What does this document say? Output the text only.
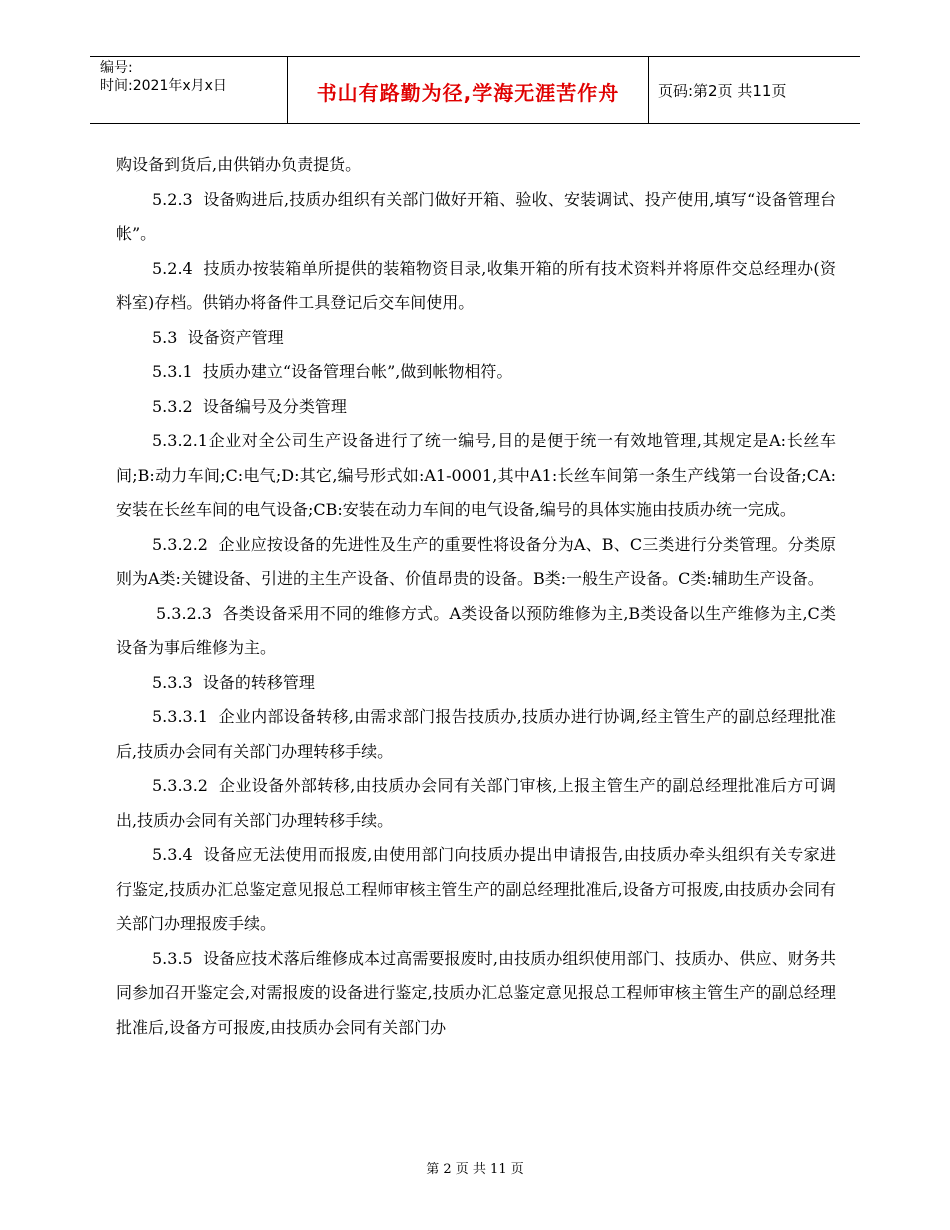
编号:
时间:2021年x月x日	书山有路勤为径,学海无涯苦作舟	页码:第2页 共11页

购设备到货后,由供销办负责提货。

5.2.3  设备购进后,技质办组织有关部门做好开箱、验收、安装调试、投产使用,填写“设备管理台帐”。

5.2.4  技质办按装箱单所提供的装箱物资目录,收集开箱的所有技术资料并将原件交总经理办(资料室)存档。供销办将备件工具登记后交车间使用。

5.3  设备资产管理

5.3.1  技质办建立“设备管理台帐”,做到帐物相符。

5.3.2  设备编号及分类管理

5.3.2.1企业对全公司生产设备进行了统一编号,目的是便于统一有效地管理,其规定是A:长丝车间;B:动力车间;C:电气;D:其它,编号形式如:A1-0001,其中A1:长丝车间第一条生产线第一台设备;CA:安装在长丝车间的电气设备;CB:安装在动力车间的电气设备,编号的具体实施由技质办统一完成。

5.3.2.2  企业应按设备的先进性及生产的重要性将设备分为A、B、C三类进行分类管理。分类原则为A类:关键设备、引进的主生产设备、价值昂贵的设备。B类:一般生产设备。C类:辅助生产设备。

5.3.2.3  各类设备采用不同的维修方式。A类设备以预防维修为主,B类设备以生产维修为主,C类设备为事后维修为主。

5.3.3  设备的转移管理

5.3.3.1  企业内部设备转移,由需求部门报告技质办,技质办进行协调,经主管生产的副总经理批准后,技质办会同有关部门办理转移手续。

5.3.3.2  企业设备外部转移,由技质办会同有关部门审核,上报主管生产的副总经理批准后方可调出,技质办会同有关部门办理转移手续。

5.3.4  设备应无法使用而报废,由使用部门向技质办提出申请报告,由技质办牵头组织有关专家进行鉴定,技质办汇总鉴定意见报总工程师审核主管生产的副总经理批准后,设备方可报废,由技质办会同有关部门办理报废手续。

5.3.5  设备应技术落后维修成本过高需要报废时,由技质办组织使用部门、技质办、供应、财务共同参加召开鉴定会,对需报废的设备进行鉴定,技质办汇总鉴定意见报总工程师审核主管生产的副总经理批准后,设备方可报废,由技质办会同有关部门办

第 2 页 共 11 页
